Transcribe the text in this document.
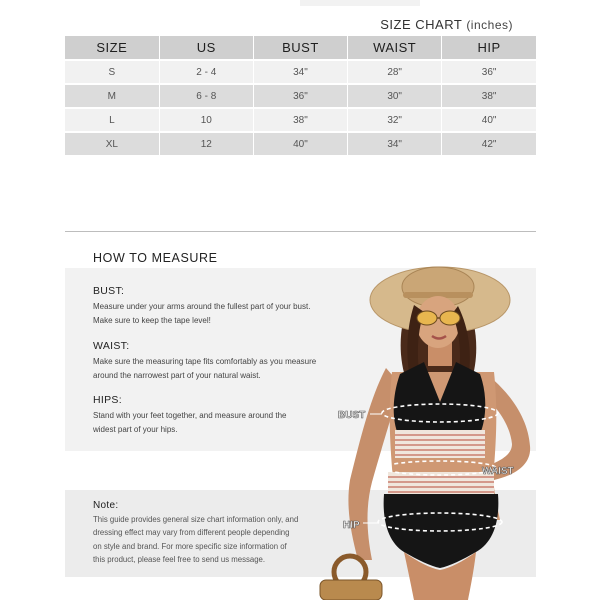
SIZE CHART (inches)
SIZE	US	BUST	WAIST	HIP
S	2 - 4	34"	28"	36"
M	6 - 8	36"	30"	38"
L	10	38"	32"	40"
XL	12	40"	34"	42"
HOW TO MEASURE
BUST:
Measure under your arms around the fullest part of your bust.
Make sure to keep the tape level!
WAIST:
Make sure the measuring tape fits comfortably as you measure
around the narrowest part of your natural waist.
HIPS:
Stand with your feet together, and measure around the
widest part of your hips.
Note:
This guide provides general size chart information only, and
dressing effect may vary from different people depending
on style and brand. For more specific size information of
this product, please feel free to send us message.
BUST
WAIST
HIP
